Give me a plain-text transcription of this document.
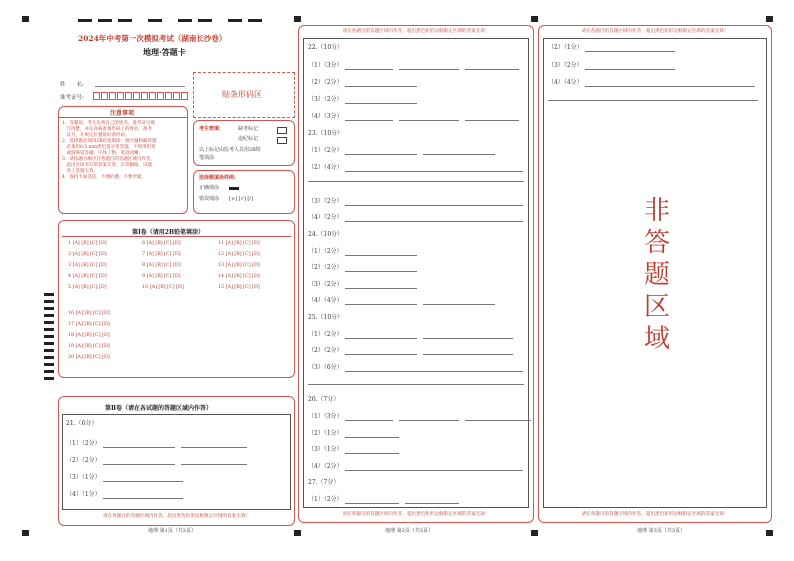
2024年中考第一次模拟考试（湖南长沙卷）
地理·答题卡
姓　　名:
准考证号:	贴条形码区
注意事项
1．答题前，考生先将自己的姓名，准考证号填
　写清楚，并认真核准条形码上的姓名、准考
　证号，在规定位置贴好条形码。
2．选择题必须用2B铅笔填涂；填空题和解答题
　必须用0.5 mm黑色签字笔答题，不得用铅笔
　或圆珠笔答题；字体工整、笔迹清晰。
3．请按题号顺序在各题目的答题区域内作答，
　超出区域书写的答案无效；在草稿纸、试题
　卷上答题无效。
4．保持卡面清洁，不要折叠、不要弄破。
考生禁填：	缺考标记
违纪标记
以上标记由监考人员用2B铅
笔填涂
选择题填涂样例:
正确填涂
错误填涂 [×] [√] [/]
第Ⅰ卷（请用2B铅笔填涂）
1 [A] [B] [C] [D]
2 [A] [B] [C] [D]
3 [A] [B] [C] [D]
4 [A] [B] [C] [D]
5 [A] [B] [C] [D]
6 [A] [B] [C] [D]
7 [A] [B] [C] [D]
8 [A] [B] [C] [D]
9 [A] [B] [C] [D]
10 [A] [B] [C] [D]
11 [A] [B] [C] [D]
12 [A] [B] [C] [D]
13 [A] [B] [C] [D]
14 [A] [B] [C] [D]
15 [A] [B] [C] [D]
16 [A] [B] [C] [D]
17 [A] [B] [C] [D]
18 [A] [B] [C] [D]
19 [A] [B] [C] [D]
20 [A] [B] [C] [D]
第Ⅱ卷（请在各试题的答题区域内作答）
21.（6分）
（1）（2分） 　
（2）（2分） 　
（3）（1分）
（4）（1分）
请在各题目的答题区域内作答，超出黑色矩形边框限定区域的答案无效！
地理 第1页（共3页）
请在各题目的答题区域内作答，超出黑色矩形边框限定区域的答案无效！
22.（10分）
（1）（3分） 　　
（2）（2分）
（3）（2分）
（4）（3分） 　　
23.（10分）
（1）（2分） 　
（2）（4分）
（3）（2分）
（4）（2分）
24.（10分）
（1）（2分）
（2）（2分）
（3）（2分）
（4）（4分） 　
25.（10分）
（1）（2分） 　
（2）（2分） 　
（3）（6分）
26.（7分）
（1）（3分） 　　
（2）（1分）
（3）（1分）
（4）（2分）
27.（7分）
（1）（2分） 　
请在各题目的答题区域内作答，超出黑色矩形边框限定区域的答案无效！
地理 第2页（共3页）
请在各题目的答题区域内作答，超出黑色矩形边框限定区域的答案无效！
（2）（1分）
（3）（2分）
（4）（4分）
非
答
题
区
域
请在各题目的答题区域内作答，超出黑色矩形边框限定区域的答案无效！
地理 第3页（共3页）
